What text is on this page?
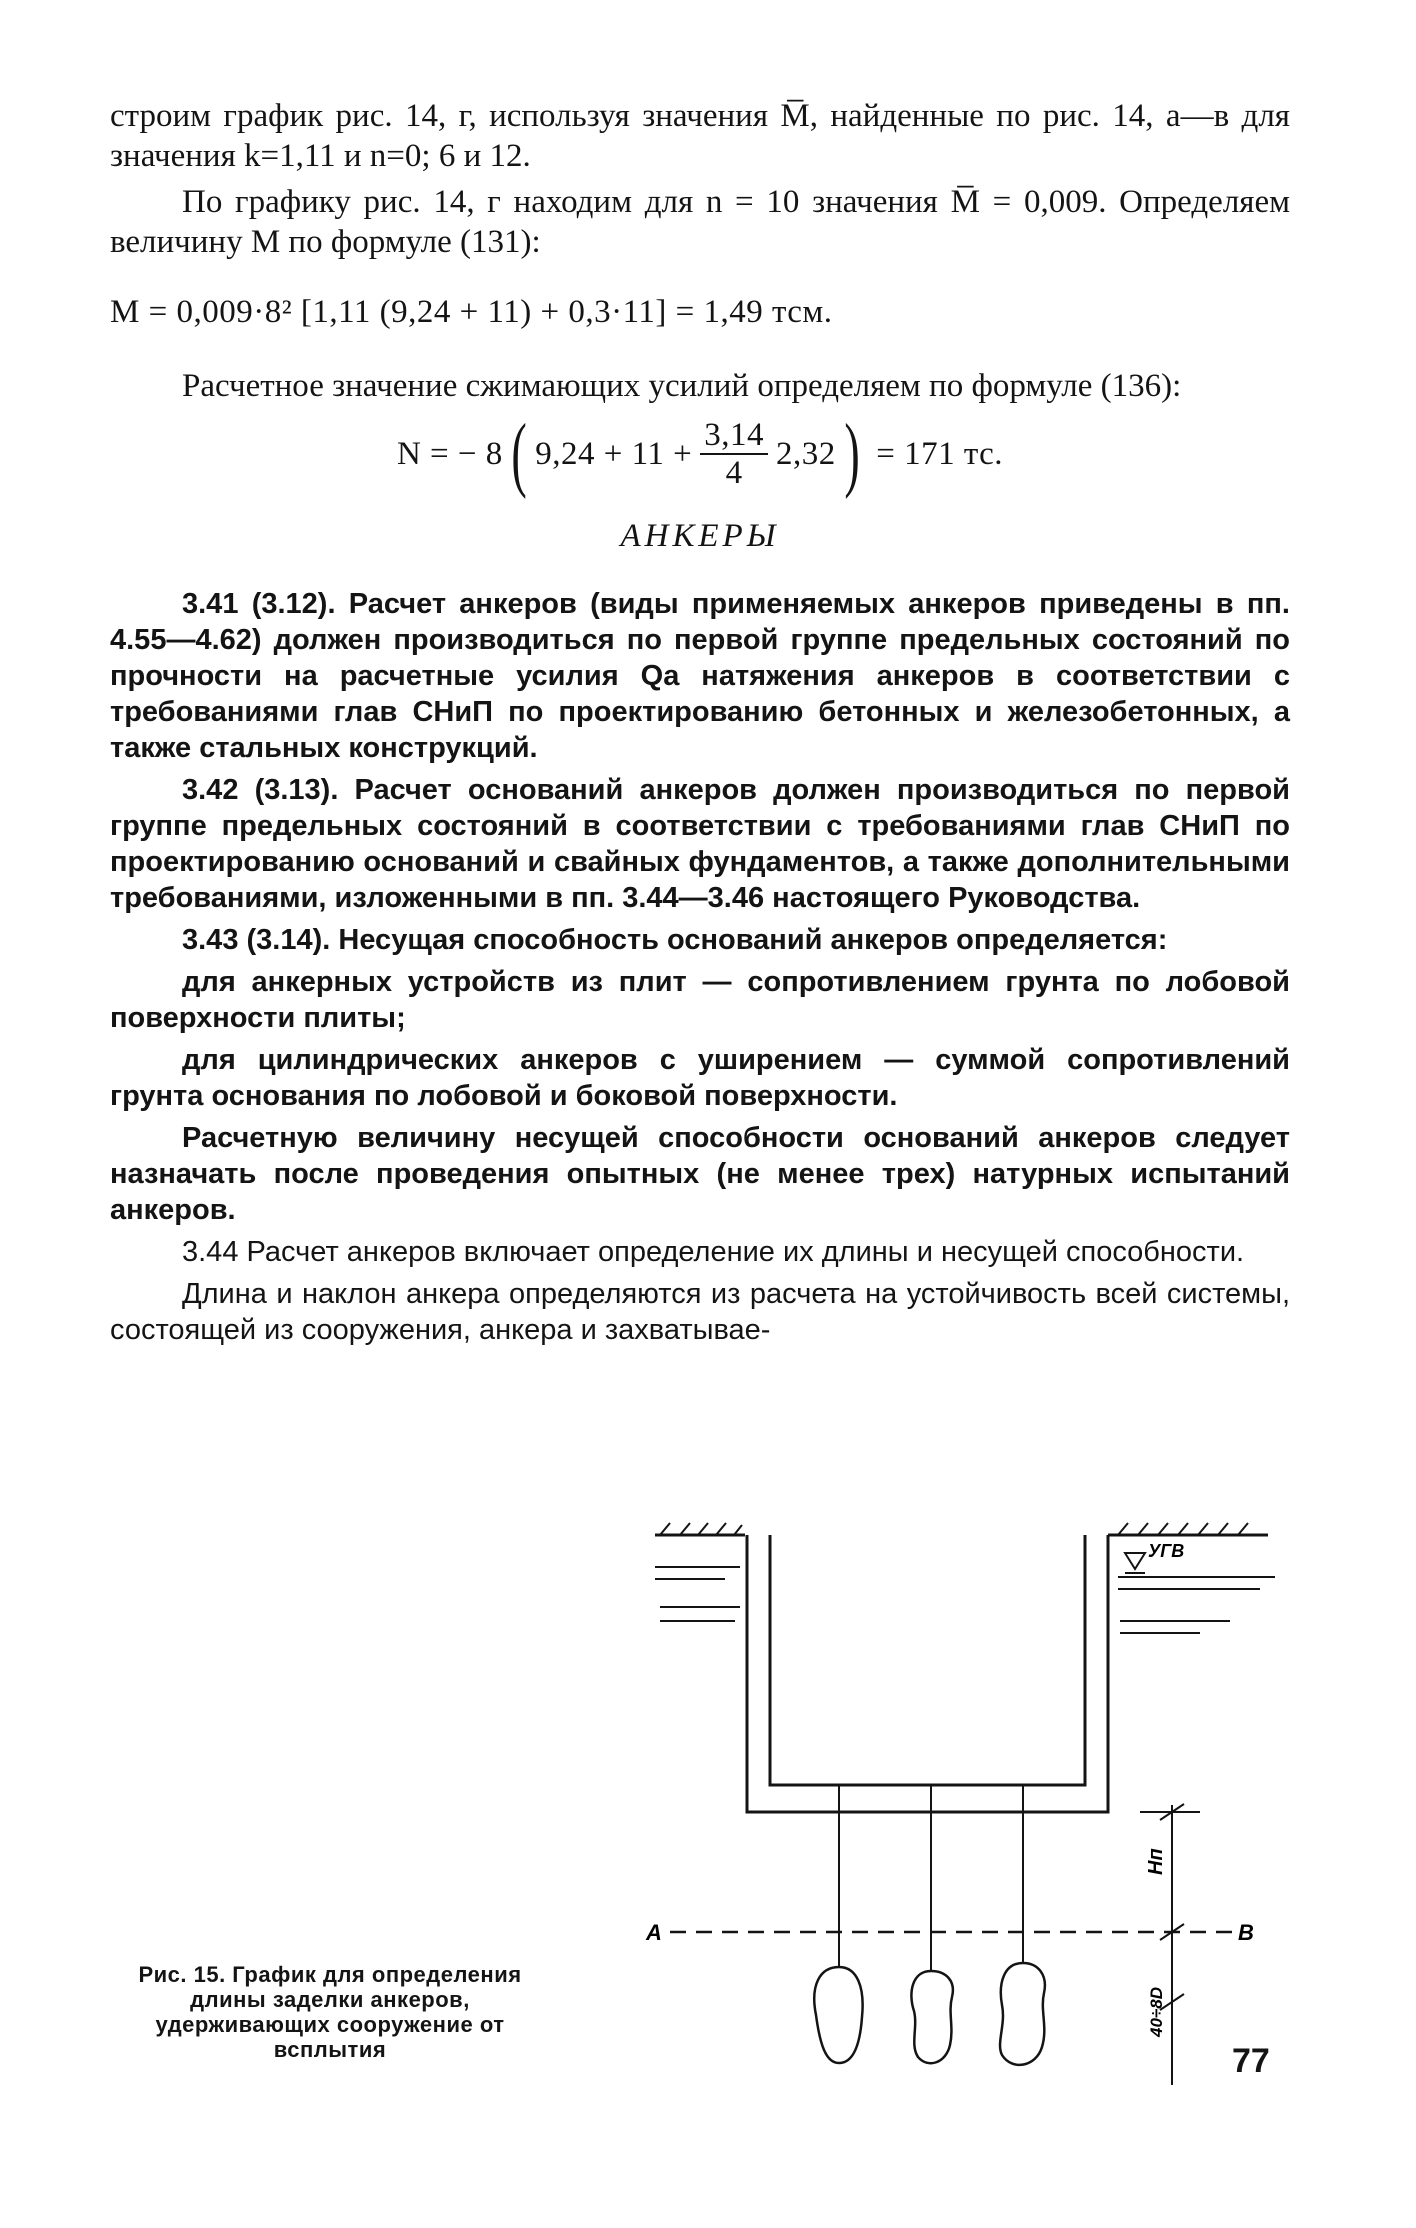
строим график рис. 14, г, используя значения M̅, найденные по рис. 14, а—в для значения k=1,11 и n=0; 6 и 12.

По графику рис. 14, г находим для n = 10 значения M̅ = 0,009. Определяем величину M по формуле (131):

M = 0,009·8² [1,11 (9,24 + 11) + 0,3·11] = 1,49 тсм.

Расчетное значение сжимающих усилий определяем по формуле (136):

N = − 8 ( $9,24 + 11 + \frac{3,14}{4} 2,32$ ) = 171 тс.
АНКЕРЫ

3.41 (3.12). Расчет анкеров (виды применяемых анкеров приведены в пп. 4.55—4.62) должен производиться по первой группе предельных состояний по прочности на расчетные усилия Qа натяжения анкеров в соответствии с требованиями глав СНиП по проектированию бетонных и железобетонных, а также стальных конструкций.

3.42 (3.13). Расчет оснований анкеров должен производиться по первой группе предельных состояний в соответствии с требованиями глав СНиП по проектированию оснований и свайных фундаментов, а также дополнительными требованиями, изложенными в пп. 3.44—3.46 настоящего Руководства.

3.43 (3.14). Несущая способность оснований анкеров определяется:

для анкерных устройств из плит — сопротивлением грунта по лобовой поверхности плиты;

для цилиндрических анкеров с уширением — суммой сопротивлений грунта основания по лобовой и боковой поверхности.

Расчетную величину несущей способности оснований анкеров следует назначать после проведения опытных (не менее трех) натурных испытаний анкеров.

3.44 Расчет анкеров включает определение их длины и несущей способности.

Длина и наклон анкера определяются из расчета на устойчивость всей системы, состоящей из сооружения, анкера и захватывае-

УГВ
Hп
40÷8D
А	В
Рис. 15. График для определения длины заделки анкеров, удерживающих сооружение от всплытия	77
